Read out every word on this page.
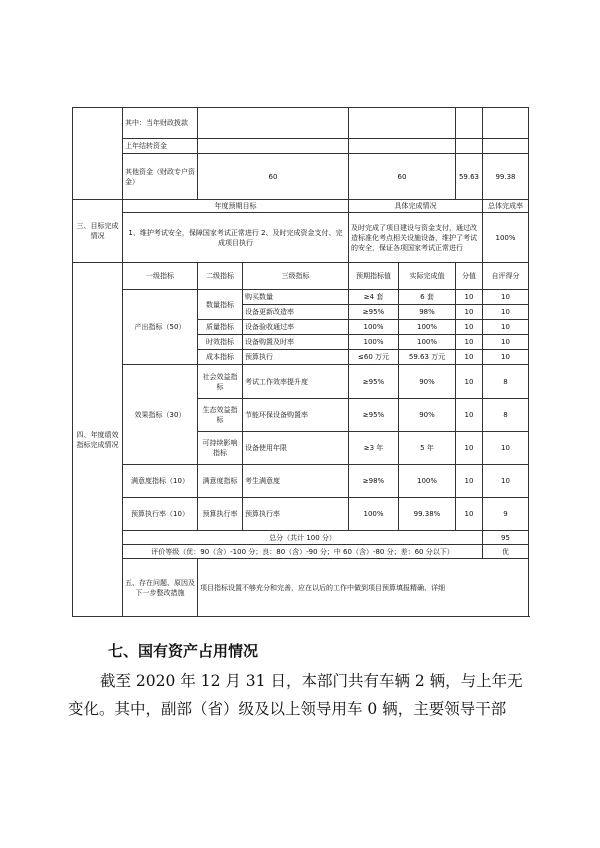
	其中：当年财政拨款						
	上年结转资金						
	其他资金（财政专户资金）	60		60		59.63	99.38
三、目标完成情况	年度预期目标			具体完成情况			总体完成率
	1、维护考试安全，保障国家考试正常进行 2、及时完成资金支付、完成项目执行			及时完成了项目建设与资金支付，通过改造标准化考点相关设施设备，维护了考试的安全，保证各项国家考试正常进行			100%
四、年度绩效指标完成情况	一级指标	二级指标	三级指标	预期指标值	实际完成值	分值	自评得分
	产出指标（50）	数量指标	购买数量	≥4 套	6 套	10	10
			设备更新改造率	≥95%	98%	10	10
		质量指标	设备验收通过率	100%	100%	10	10
		时效指标	设备购置及时率	100%	100%	10	10
		成本指标	预算执行	≤60 万元	59.63 万元	10	10
	效果指标（30）	社会效益指标	考试工作效率提升度	≥95%	90%	10	8
		生态效益指标	节能环保设备购置率	≥95%	90%	10	8
		可持续影响指标	设备使用年限	≥3 年	5 年	10	10
	满意度指标（10）	满意度指标	考生满意度	≥98%	100%	10	10
	预算执行率（10）	预算执行率	预算执行率	100%	99.38%	10	9
	总分（共计 100 分）						95
	评价等级（优：90（含）-100 分；良：80（含）-90 分；中 60（含）-80 分；差：60 分以下）						优
	五、存在问题、原因及下一步整改措施	项目指标设置不够充分和完善，应在以后的工作中做到项目预算填报精确、详细					
七、国有资产占用情况
截至 2020 年 12 月 31 日，本部门共有车辆 2 辆，与上年无
变化。其中，副部（省）级及以上领导用车 0 辆，主要领导干部
